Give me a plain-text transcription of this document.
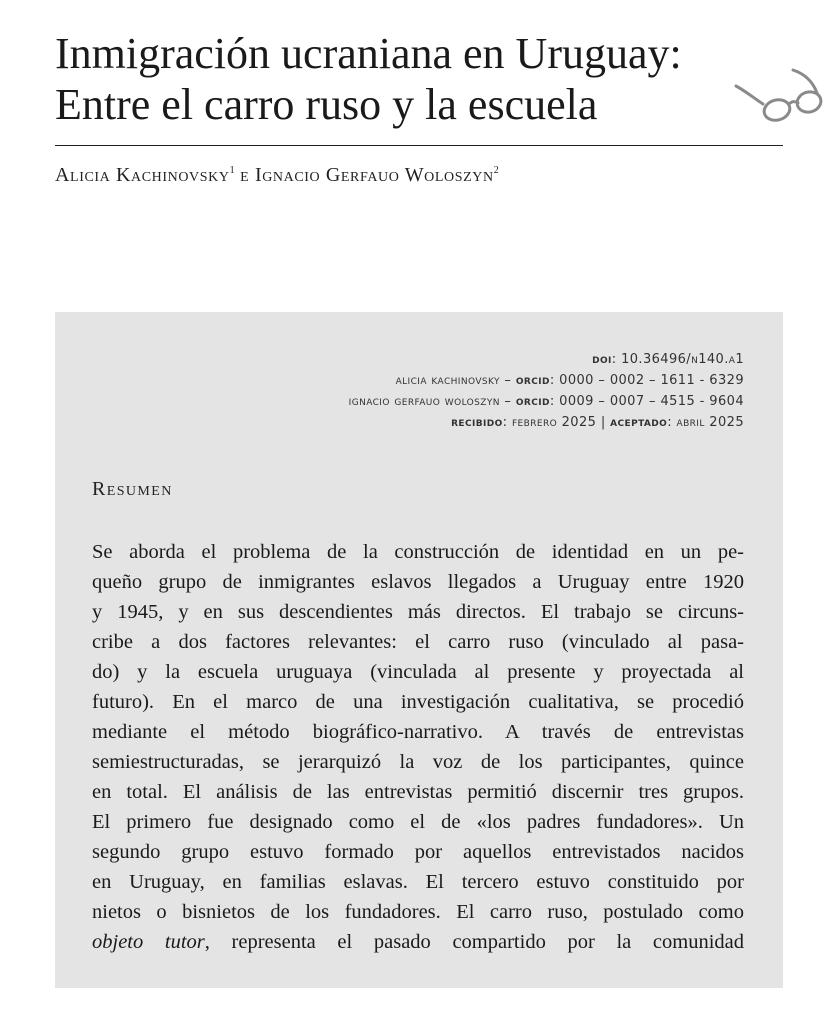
Inmigración ucraniana en Uruguay:
Entre el carro ruso y la escuela
Alicia Kachinovsky$^1$ e Ignacio Gerfauo Woloszyn$^2$
doi: 10.36496/n140.a1
alicia kachinovsky – orcid: 0000 – 0002 – 1611 - 6329
ignacio gerfauo woloszyn – orcid: 0009 – 0007 – 4515 - 9604
recibido: febrero 2025 | aceptado: abril 2025
Resumen
Se aborda el problema de la construcción de identidad en un pe-
queño grupo de inmigrantes eslavos llegados a Uruguay entre 1920
y 1945, y en sus descendientes más directos. El trabajo se circuns-
cribe a dos factores relevantes: el carro ruso (vinculado al pasa-
do) y la escuela uruguaya (vinculada al presente y proyectada al
futuro). En el marco de una investigación cualitativa, se procedió
mediante el método biográfico-narrativo. A través de entrevistas
semiestructuradas, se jerarquizó la voz de los participantes, quince
en total. El análisis de las entrevistas permitió discernir tres grupos.
El primero fue designado como el de «los padres fundadores». Un
segundo grupo estuvo formado por aquellos entrevistados nacidos
en Uruguay, en familias eslavas. El tercero estuvo constituido por
nietos o bisnietos de los fundadores. El carro ruso, postulado como
objeto tutor, representa el pasado compartido por la comunidad
